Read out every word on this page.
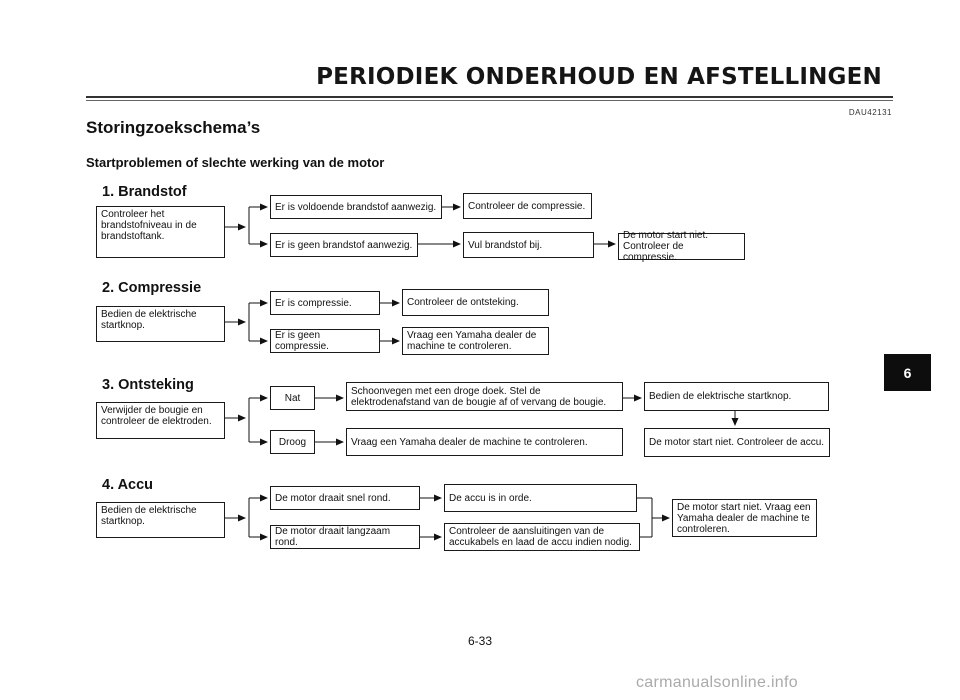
PERIODIEK ONDERHOUD EN AFSTELLINGEN
DAU42131
Storingzoekschema’s
Startproblemen of slechte werking van de motor
6
1. Brandstof
Controleer het
brandstofniveau in de
brandstoftank.
Er is voldoende brandstof aanwezig.
Er is geen brandstof aanwezig.
Controleer de compressie.
Vul brandstof bij.
De motor start niet.
Controleer de compressie.
2. Compressie
Bedien de elektrische
startknop.
Er is compressie.
Er is geen compressie.
Controleer de ontsteking.
Vraag een Yamaha dealer de
machine te controleren.
3. Ontsteking
Verwijder de bougie en
controleer de elektroden.
Nat
Droog
Schoonvegen met een droge doek. Stel de
elektrodenafstand van de bougie af of vervang de bougie.
Vraag een Yamaha dealer de machine te controleren.
Bedien de elektrische startknop.
De motor start niet. Controleer de accu.
4. Accu
Bedien de elektrische
startknop.
De motor draait snel rond.
De motor draait langzaam rond.
De accu is in orde.
Controleer de aansluitingen van de
accukabels en laad de accu indien nodig.
De motor start niet. Vraag een
Yamaha dealer de machine te
controleren.
6-33
carmanualsonline.info
